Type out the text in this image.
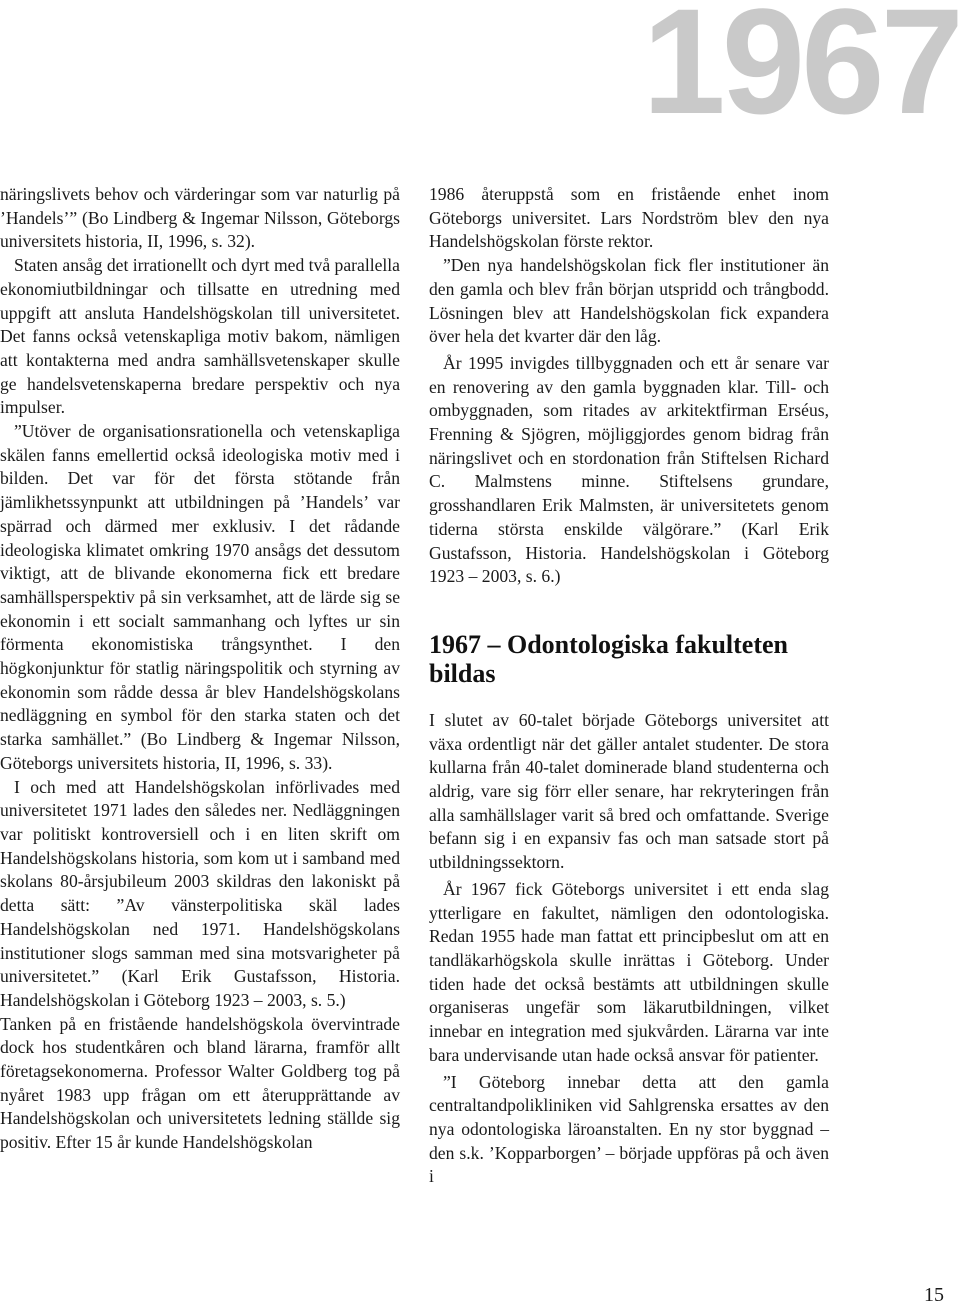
1967

näringslivets behov och värderingar som var naturlig på ’Handels’” (Bo Lindberg & Ingemar Nilsson, Göteborgs universitets historia, II, 1996, s. 32).

Staten ansåg det irrationellt och dyrt med två parallella ekonomiutbildningar och tillsatte en utredning med uppgift att ansluta Handelshögskolan till universitetet. Det fanns också vetenskapliga motiv bakom, nämligen att kontakterna med andra samhällsvetenskaper skulle ge handelsvetenskaperna bredare perspektiv och nya impulser.

”Utöver de organisationsrationella och vetenskapliga skälen fanns emellertid också ideologiska motiv med i bilden. Det var för det första stötande från jämlikhetssynpunkt att utbildningen på ’Handels’ var spärrad och därmed mer exklusiv. I det rådande ideologiska klimatet omkring 1970 ansågs det dessutom viktigt, att de blivande ekonomerna fick ett bredare samhällsperspektiv på sin verksamhet, att de lärde sig se ekonomin i ett socialt sammanhang och lyftes ur sin förmenta ekonomistiska trångsynthet. I den högkonjunktur för statlig näringspolitik och styrning av ekonomin som rådde dessa år blev Handelshögskolans nedläggning en symbol för den starka staten och det starka samhället.” (Bo Lindberg & Ingemar Nilsson, Göteborgs universitets historia, II, 1996, s. 33).

I och med att Handelshögskolan införlivades med universitetet 1971 lades den således ner. Nedläggningen var politiskt kontroversiell och i en liten skrift om Handelshögskolans historia, som kom ut i samband med skolans 80-årsjubileum 2003 skildras den lakoniskt på detta sätt: ”Av vänsterpolitiska skäl lades Handelshögskolan ned 1971. Handelshögskolans institutioner slogs samman med sina motsvarigheter på universitetet.” (Karl Erik Gustafsson, Historia. Handelshögskolan i Göteborg 1923 – 2003, s. 5.)

Tanken på en fristående handelshögskola övervintrade dock hos studentkåren och bland lärarna, framför allt företagsekonomerna. Professor Walter Goldberg tog på nyåret 1983 upp frågan om ett återupprättande av Handelshögskolan och universitetets ledning ställde sig positiv. Efter 15 år kunde Handelshögskolan

1986 återuppstå som en fristående enhet inom Göteborgs universitet. Lars Nordström blev den nya Handelshögskolan förste rektor.

”Den nya handelshögskolan fick fler institutioner än den gamla och blev från början utspridd och trångbodd. Lösningen blev att Handelshögskolan fick expandera över hela det kvarter där den låg.

År 1995 invigdes tillbyggnaden och ett år senare var en renovering av den gamla byggnaden klar. Till- och ombyggnaden, som ritades av arkitektfirman Erséus, Frenning & Sjögren, möjliggjordes genom bidrag från näringslivet och en stordonation från Stiftelsen Richard C. Malmstens minne. Stiftelsens grundare, grosshandlaren Erik Malmsten, är universitetets genom tiderna största enskilde välgörare.” (Karl Erik Gustafsson, Historia. Handelshögskolan i Göteborg 1923 – 2003, s. 6.)

1967 – Odontologiska fakulteten bildas

I slutet av 60-talet började Göteborgs universitet att växa ordentligt när det gäller antalet studenter. De stora kullarna från 40-talet dominerade bland studenterna och aldrig, vare sig förr eller senare, har rekryteringen från alla samhällslager varit så bred och omfattande. Sverige befann sig i en expansiv fas och man satsade stort på utbildningssektorn.

År 1967 fick Göteborgs universitet i ett enda slag ytterligare en fakultet, nämligen den odontologiska. Redan 1955 hade man fattat ett principbeslut om att en tandläkarhögskola skulle inrättas i Göteborg. Under tiden hade det också bestämts att utbildningen skulle organiseras ungefär som läkarutbildningen, vilket innebar en integration med sjukvården. Lärarna var inte bara undervisande utan hade också ansvar för patienter.

”I Göteborg innebar detta att den gamla centraltandpolikliniken vid Sahlgrenska ersattes av den nya odontologiska läroanstalten. En ny stor byggnad – den s.k. ’Kopparborgen’ – började uppföras på och även i

15
